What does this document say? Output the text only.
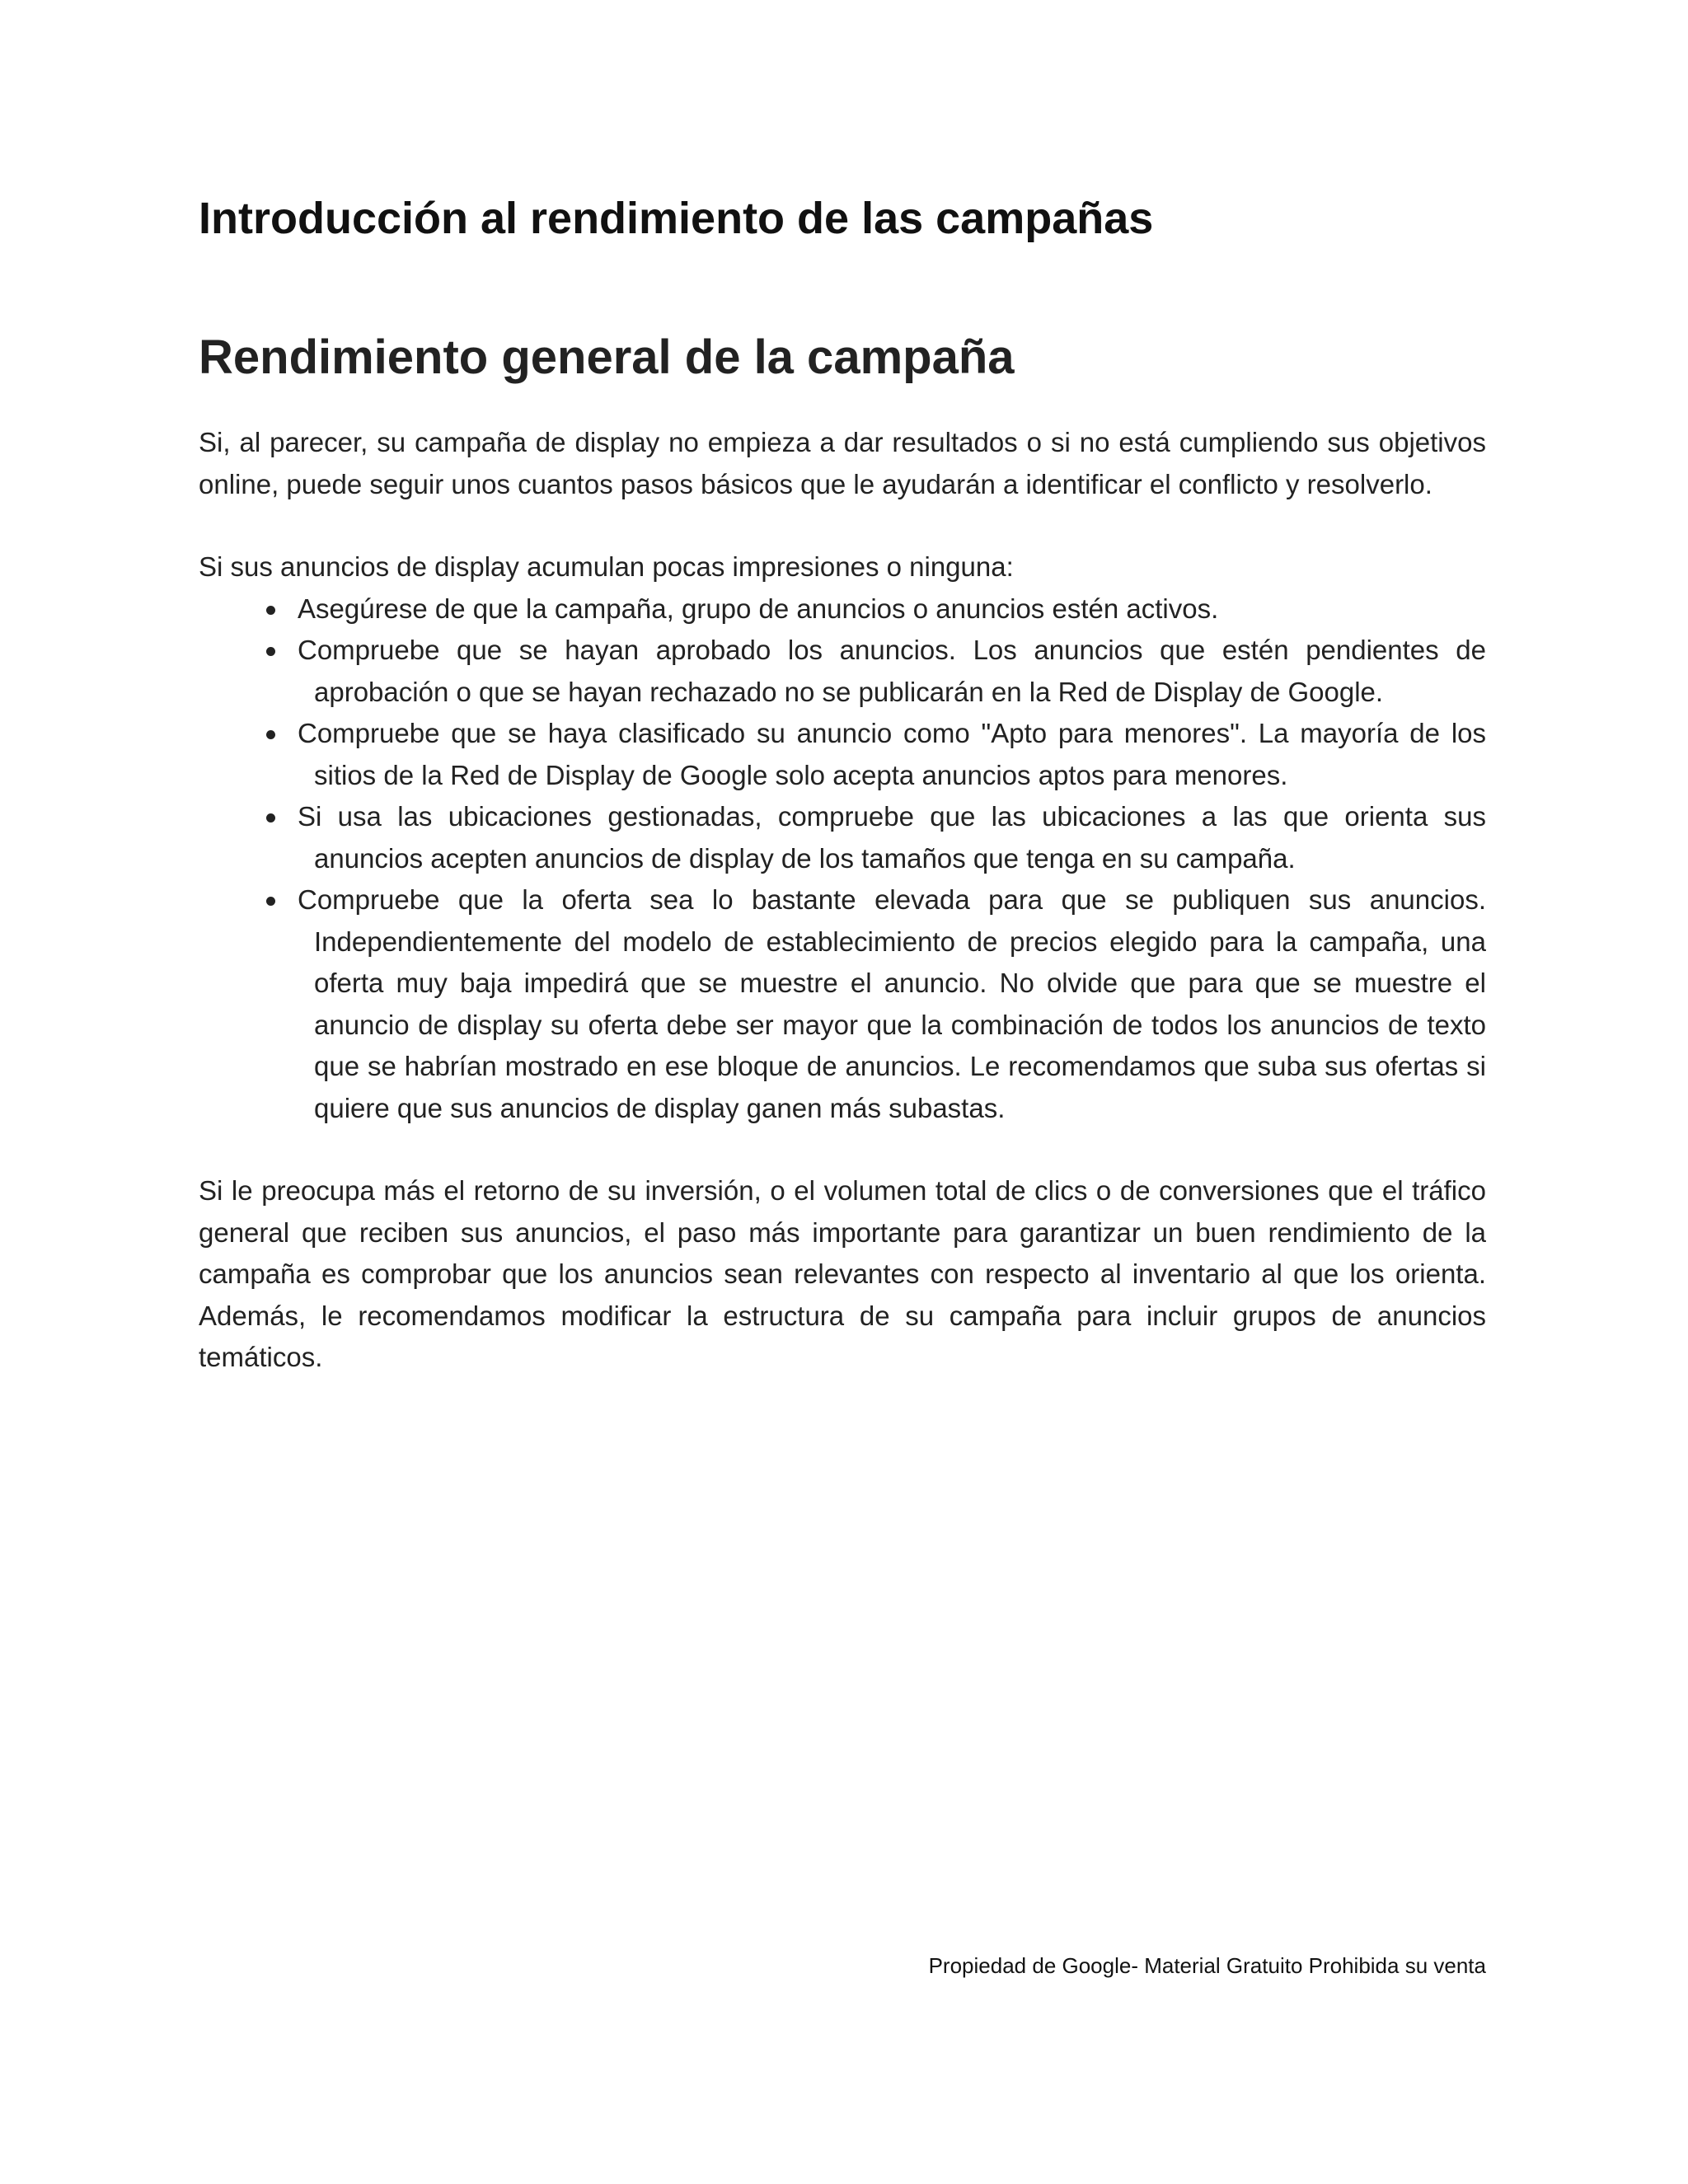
Introducción al rendimiento de las campañas
Rendimiento general de la campaña

Si, al parecer, su campaña de display no empieza a dar resultados o si no está cumpliendo sus objetivos online, puede seguir unos cuantos pasos básicos que le ayudarán a identificar el conflicto y resolverlo.

Si sus anuncios de display acumulan pocas impresiones o ninguna:

Asegúrese de que la campaña, grupo de anuncios o anuncios estén activos.
Compruebe que se hayan aprobado los anuncios. Los anuncios que estén pendientes de aprobación o que se hayan rechazado no se publicarán en la Red de Display de Google.
Compruebe que se haya clasificado su anuncio como "Apto para menores". La mayoría de los sitios de la Red de Display de Google solo acepta anuncios aptos para menores.
Si usa las ubicaciones gestionadas, compruebe que las ubicaciones a las que orienta sus anuncios acepten anuncios de display de los tamaños que tenga en su campaña.
Compruebe que la oferta sea lo bastante elevada para que se publiquen sus anuncios. Independientemente del modelo de establecimiento de precios elegido para la campaña, una oferta muy baja impedirá que se muestre el anuncio. No olvide que para que se muestre el anuncio de display su oferta debe ser mayor que la combinación de todos los anuncios de texto que se habrían mostrado en ese bloque de anuncios. Le recomendamos que suba sus ofertas si quiere que sus anuncios de display ganen más subastas.

Si le preocupa más el retorno de su inversión, o el volumen total de clics o de conversiones que el tráfico general que reciben sus anuncios, el paso más importante para garantizar un buen rendimiento de la campaña es comprobar que los anuncios sean relevantes con respecto al inventario al que los orienta. Además, le recomendamos modificar la estructura de su campaña para incluir grupos de anuncios temáticos.

Propiedad de Google- Material Gratuito Prohibida su venta
